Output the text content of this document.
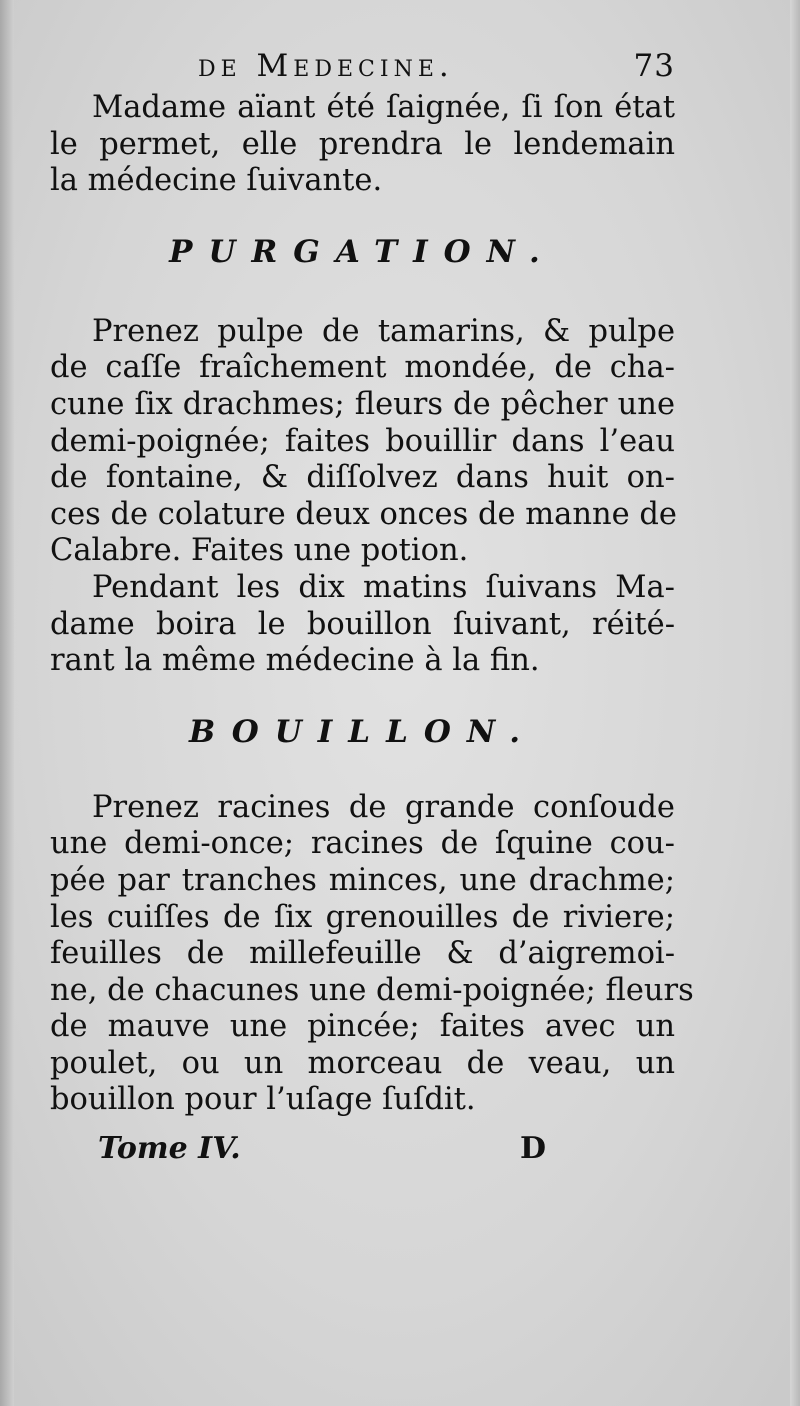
de Medecine.	73
Madame aïant été ſaignée, ſi ſon état
le permet, elle prendra le lendemain
la médecine ſuivante.
PURGATION.
Prenez pulpe de tamarins, & pulpe
de caſſe fraîchement mondée, de cha-
cune ſix drachmes; fleurs de pêcher une
demi-poignée; faites bouillir dans l’eau
de fontaine, & diſſolvez dans huit on-
ces de colature deux onces de manne de
Calabre. Faites une potion.
Pendant les dix matins ſuivans Ma-
dame boira le bouillon ſuivant, réité-
rant la même médecine à la fin.
BOUILLON.
Prenez racines de grande conſoude
une demi-once; racines de ſquine cou-
pée par tranches minces, une drachme;
les cuiſſes de ſix grenouilles de riviere;
feuilles de millefeuille & d’aigremoi-
ne, de chacunes une demi-poignée; fleurs
de mauve une pincée; faites avec un
poulet, ou un morceau de veau, un
bouillon pour l’uſage ſuſdit.
Tome IV.	D
